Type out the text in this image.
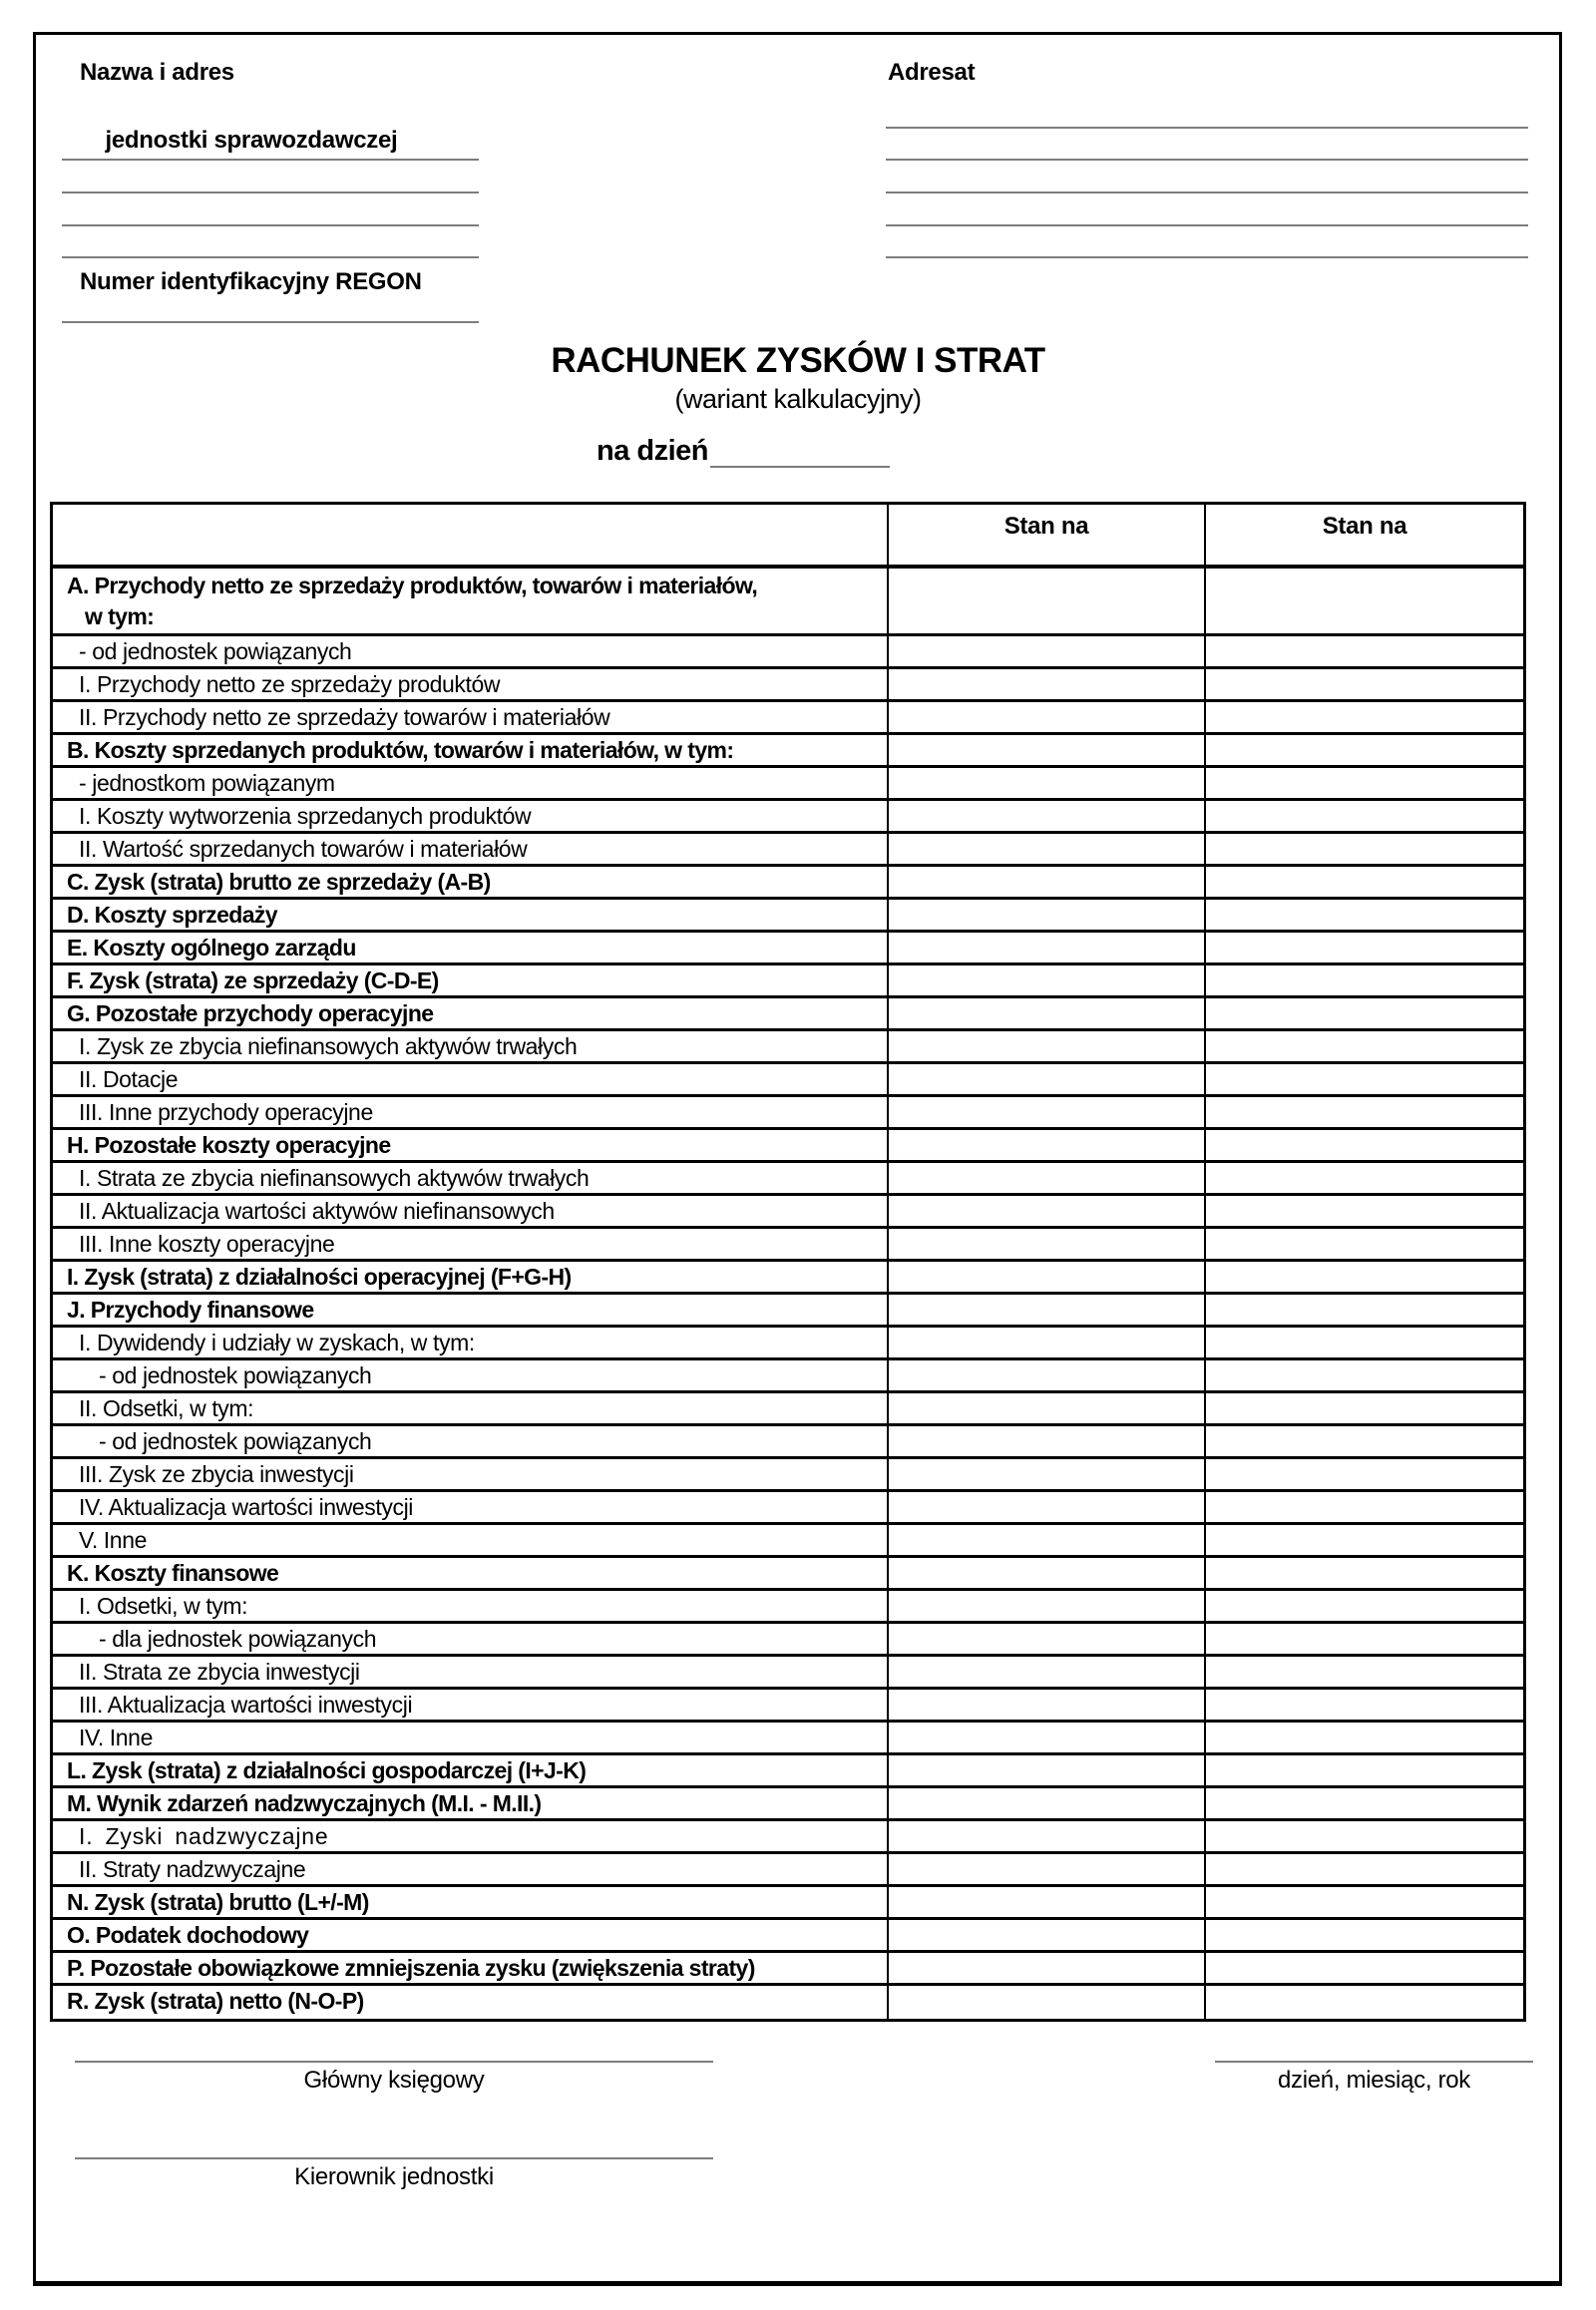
Nazwa i adres

jednostki sprawozdawczej
Numer identyfikacyjny REGON
Adresat
RACHUNEK ZYSKÓW I STRAT
(wariant kalkulacyjny)
na dzień
Stan na	Stan na
A. Przychody netto ze sprzedaży produktów, towarów i materiałów,
w tym:
- od jednostek powiązanych
I. Przychody netto ze sprzedaży produktów
II. Przychody netto ze sprzedaży towarów i materiałów
B. Koszty sprzedanych produktów, towarów i materiałów, w tym:
- jednostkom powiązanym
I. Koszty wytworzenia sprzedanych produktów
II. Wartość sprzedanych towarów i materiałów
C. Zysk (strata) brutto ze sprzedaży (A-B)
D. Koszty sprzedaży
E. Koszty ogólnego zarządu
F. Zysk (strata) ze sprzedaży (C-D-E)
G. Pozostałe przychody operacyjne
I. Zysk ze zbycia niefinansowych aktywów trwałych
II. Dotacje
III. Inne przychody operacyjne
H. Pozostałe koszty operacyjne
I. Strata ze zbycia niefinansowych aktywów trwałych
II. Aktualizacja wartości aktywów niefinansowych
III. Inne koszty operacyjne
I. Zysk (strata) z działalności operacyjnej (F+G-H)
J. Przychody finansowe
I. Dywidendy i udziały w zyskach, w tym:
- od jednostek powiązanych
II. Odsetki, w tym:
- od jednostek powiązanych
III. Zysk ze zbycia inwestycji
IV. Aktualizacja wartości inwestycji
V. Inne
K. Koszty finansowe
I. Odsetki, w tym:
- dla jednostek powiązanych
II. Strata ze zbycia inwestycji
III. Aktualizacja wartości inwestycji
IV. Inne
L. Zysk (strata) z działalności gospodarczej (I+J-K)
M. Wynik zdarzeń nadzwyczajnych (M.I. - M.II.)
I. Zyski nadzwyczajne
II. Straty nadzwyczajne
N. Zysk (strata) brutto (L+/-M)
O. Podatek dochodowy
P. Pozostałe obowiązkowe zmniejszenia zysku (zwiększenia straty)
R. Zysk (strata) netto (N-O-P)
Główny księgowy	dzień, miesiąc, rok
Kierownik jednostki
